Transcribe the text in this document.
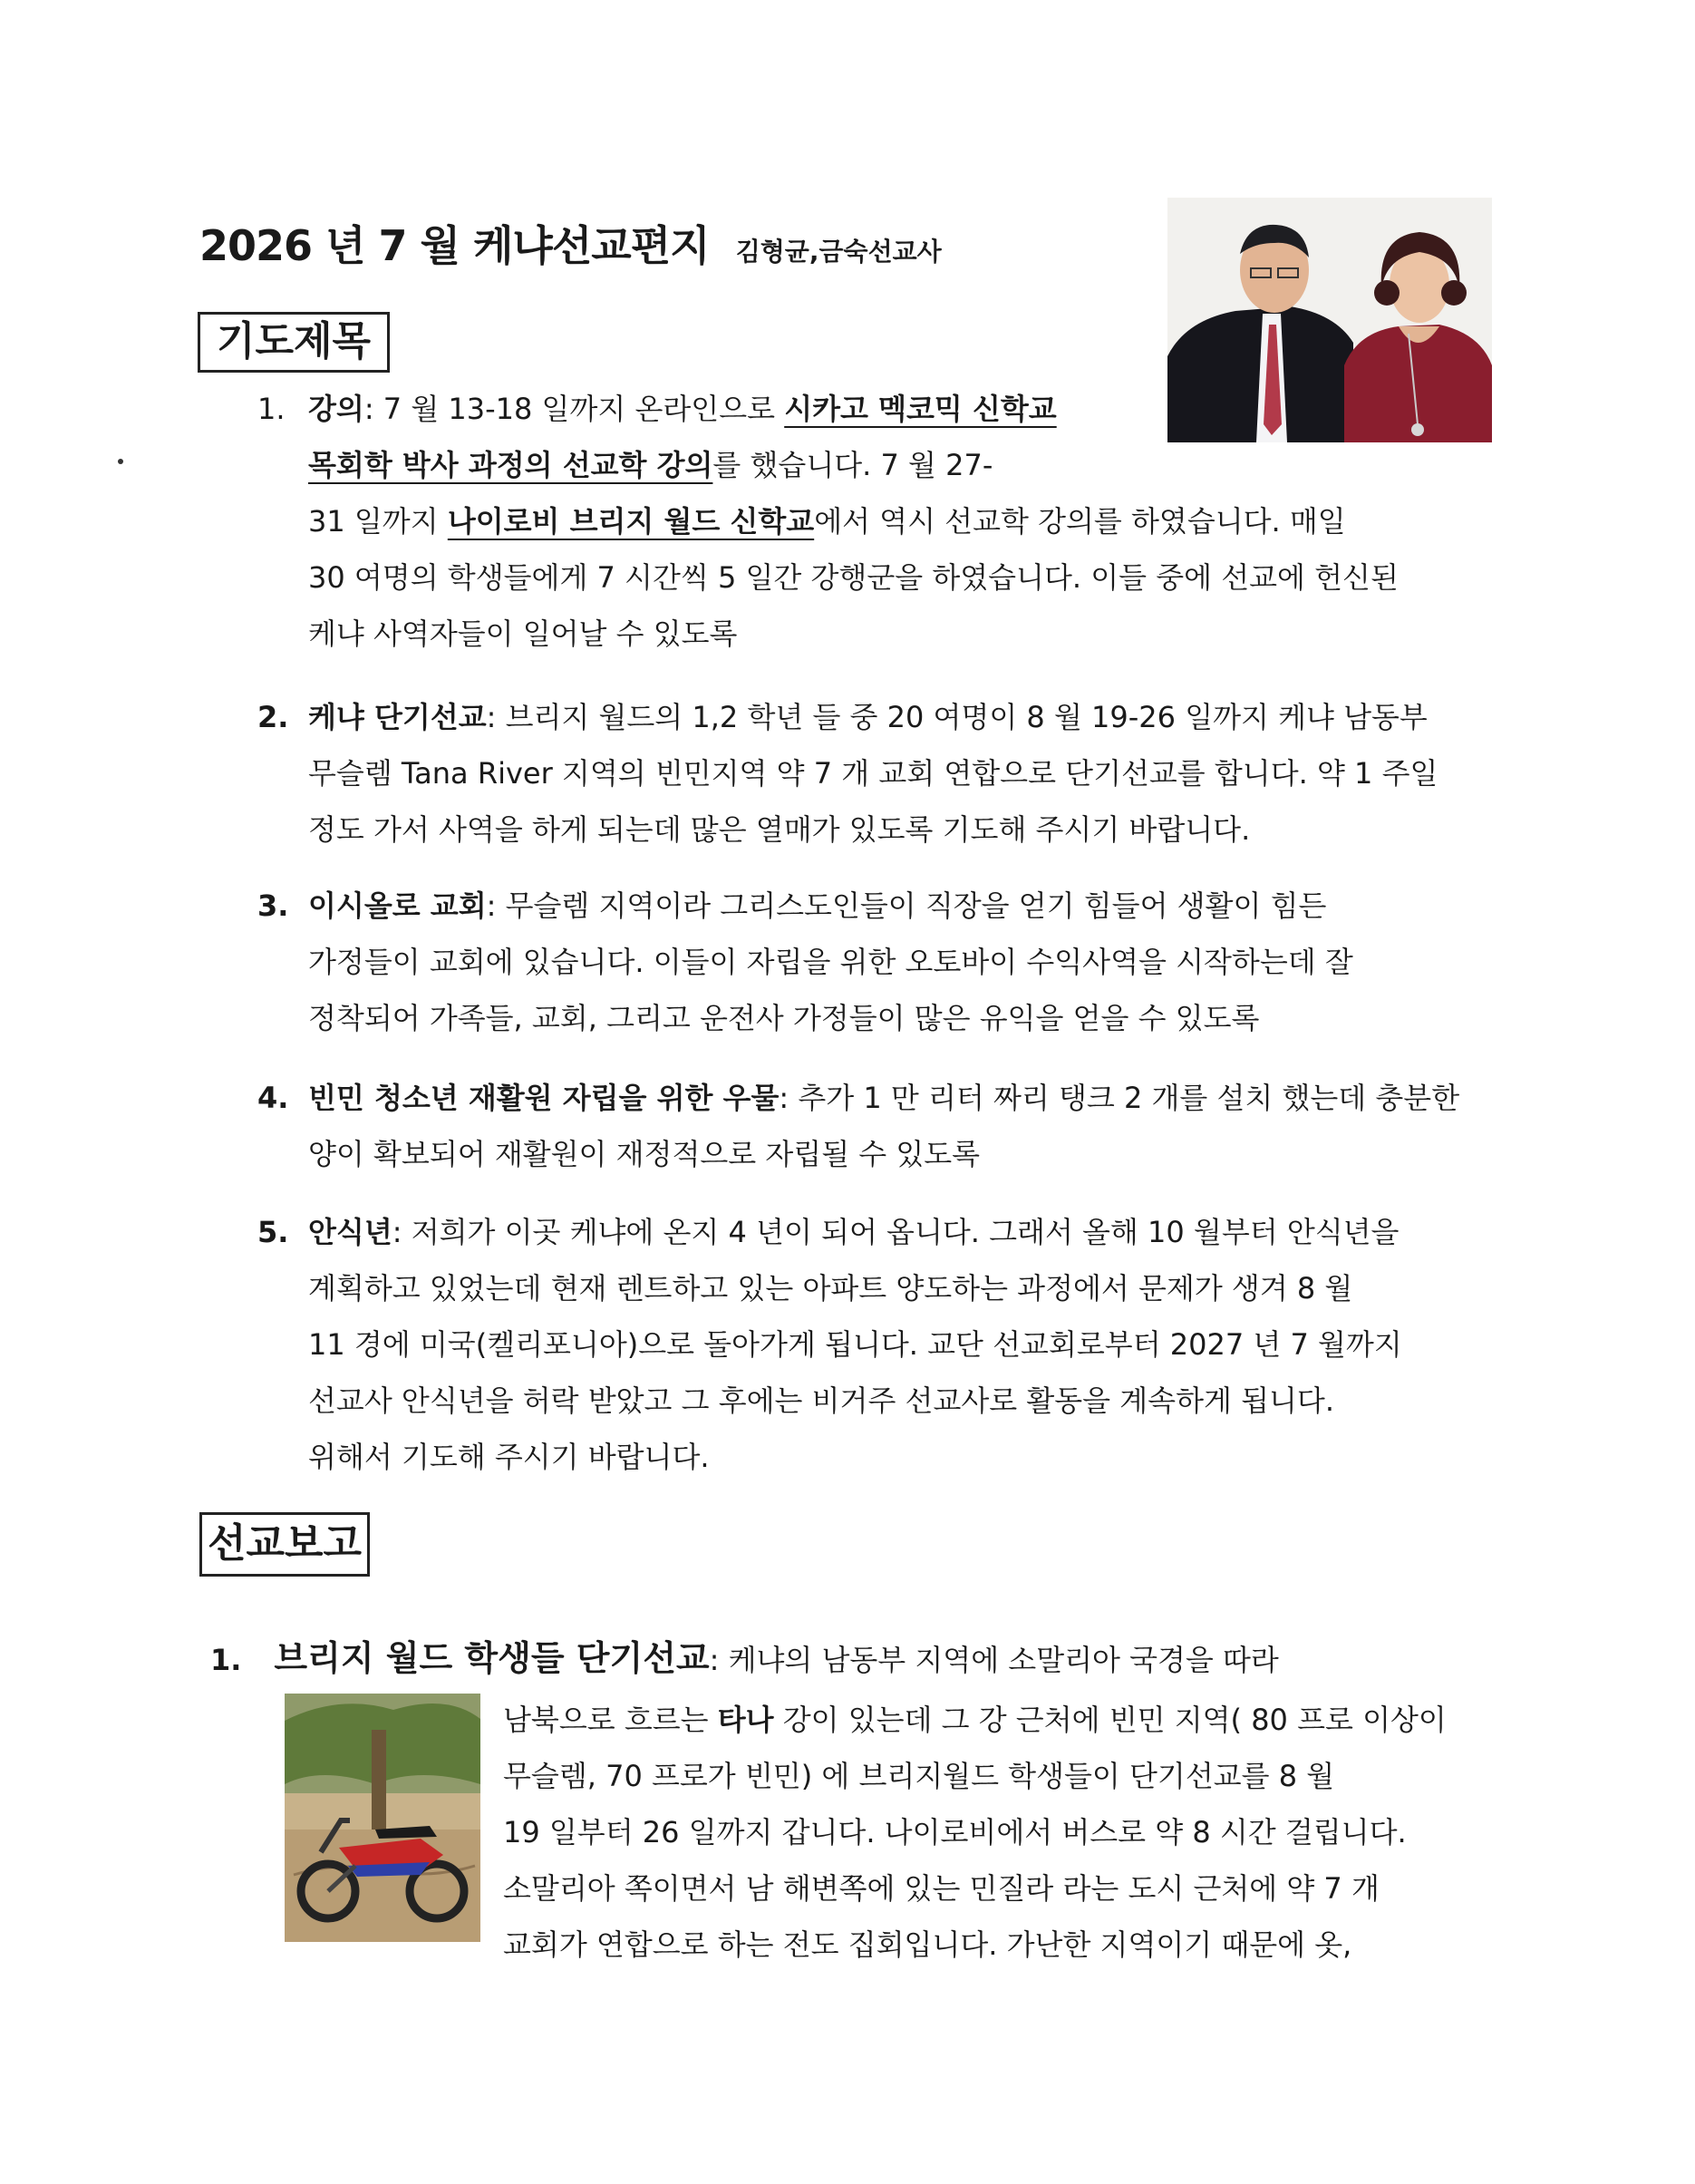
2026 년 7 월 케냐선교편지 김형균,금숙선교사
기도제목
1. 강의: 7 월 13-18 일까지 온라인으로 시카고 멕코믹 신학교
목회학 박사 과정의 선교학 강의를 했습니다. 7 월 27-
31 일까지 나이로비 브리지 월드 신학교에서 역시 선교학 강의를 하였습니다. 매일
30 여명의 학생들에게 7 시간씩 5 일간 강행군을 하였습니다. 이들 중에 선교에 헌신된
케냐 사역자들이 일어날 수 있도록
2. 케냐 단기선교: 브리지 월드의 1,2 학년 들 중 20 여명이 8 월 19-26 일까지 케냐 남동부
무슬렘 Tana River 지역의 빈민지역 약 7 개 교회 연합으로 단기선교를 합니다. 약 1 주일
정도 가서 사역을 하게 되는데 많은 열매가 있도록 기도해 주시기 바랍니다.
3. 이시올로 교회: 무슬렘 지역이라 그리스도인들이 직장을 얻기 힘들어 생활이 힘든
가정들이 교회에 있습니다. 이들이 자립을 위한 오토바이 수익사역을 시작하는데 잘
정착되어 가족들, 교회, 그리고 운전사 가정들이 많은 유익을 얻을 수 있도록
4. 빈민 청소년 재활원 자립을 위한 우물: 추가 1 만 리터 짜리 탱크 2 개를 설치 했는데 충분한
양이 확보되어 재활원이 재정적으로 자립될 수 있도록
5. 안식년: 저희가 이곳 케냐에 온지 4 년이 되어 옵니다. 그래서 올해 10 월부터 안식년을
계획하고 있었는데 현재 렌트하고 있는 아파트 양도하는 과정에서 문제가 생겨 8 월
11 경에 미국(켈리포니아)으로 돌아가게 됩니다. 교단 선교회로부터 2027 년 7 월까지
선교사 안식년을 허락 받았고 그 후에는 비거주 선교사로 활동을 계속하게 됩니다.
위해서 기도해 주시기 바랍니다.
선교보고
1. 브리지 월드 학생들 단기선교: 케냐의 남동부 지역에 소말리아 국경을 따라
남북으로 흐르는 타나 강이 있는데 그 강 근처에 빈민 지역( 80 프로 이상이
무슬렘, 70 프로가 빈민) 에 브리지월드 학생들이 단기선교를 8 월
19 일부터 26 일까지 갑니다. 나이로비에서 버스로 약 8 시간 걸립니다.
소말리아 쪽이면서 남 해변쪽에 있는 민질라 라는 도시 근처에 약 7 개
교회가 연합으로 하는 전도 집회입니다. 가난한 지역이기 때문에 옷,
